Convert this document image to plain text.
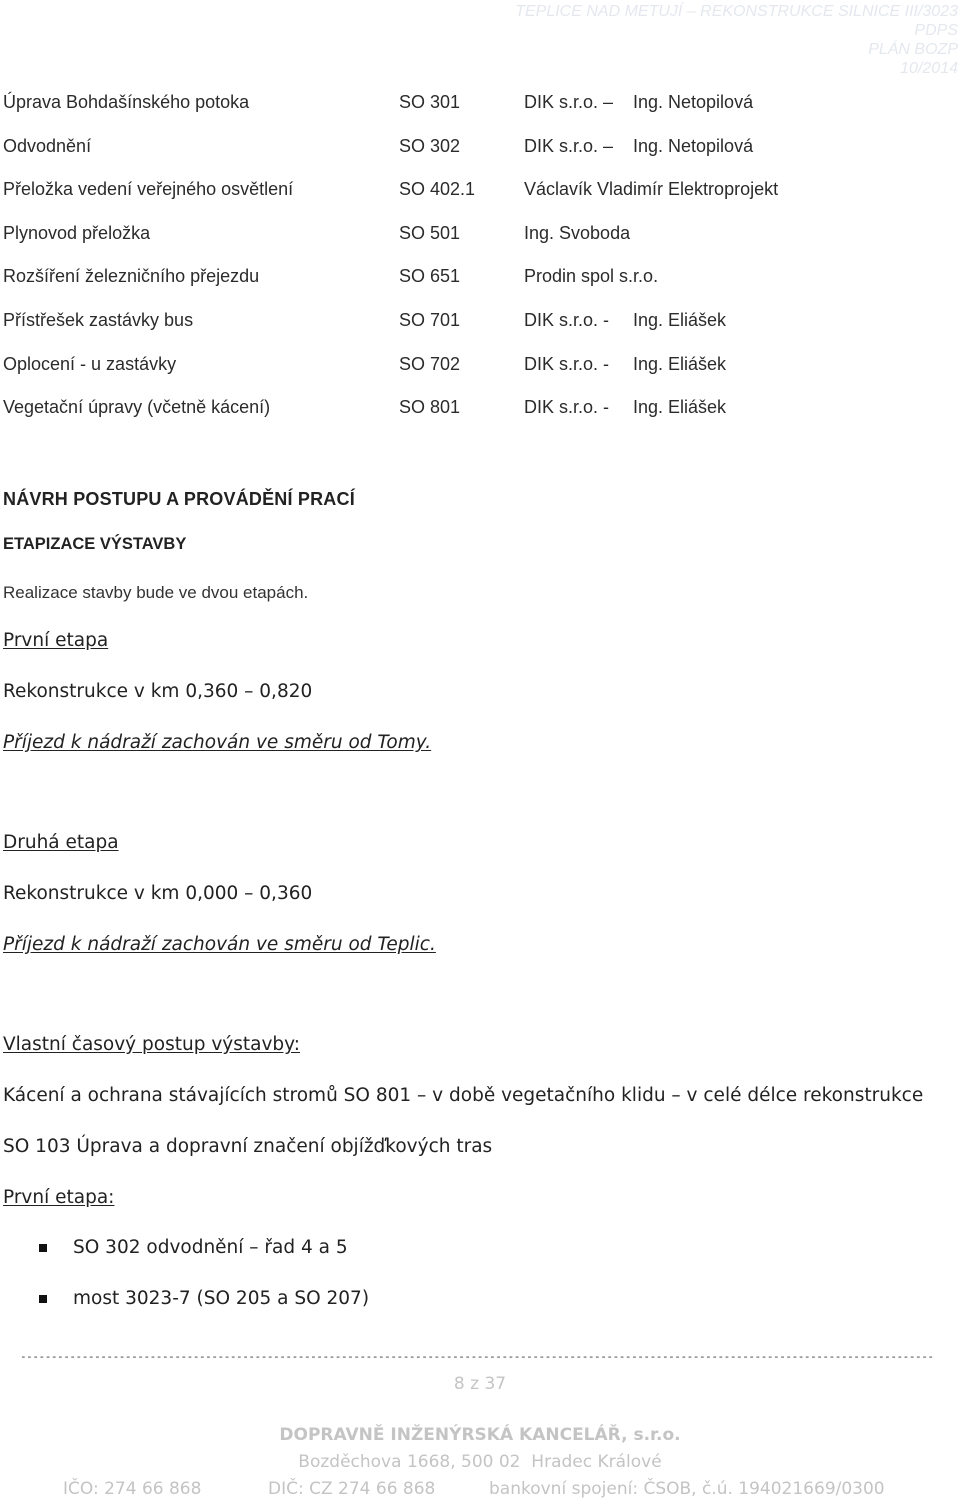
TEPLICE NAD METUJÍ – REKONSTRUKCE SILNICE III/3023
PDPS
PLÁN BOZP
10/2014
Úprava Bohdašínského potoka	SO 301	DIK s.r.o. – Ing. Netopilová
Odvodnění	SO 302	DIK s.r.o. – Ing. Netopilová
Přeložka vedení veřejného osvětlení	SO 402.1	Václavík Vladimír Elektroprojekt
Plynovod přeložka	SO 501	Ing. Svoboda
Rozšíření železničního přejezdu	SO 651	Prodin spol s.r.o.
Přístřešek zastávky bus	SO 701	DIK s.r.o. - Ing. Eliášek
Oplocení - u zastávky	SO 702	DIK s.r.o. - Ing. Eliášek
Vegetační úpravy (včetně kácení)	SO 801	DIK s.r.o. - Ing. Eliášek
NÁVRH POSTUPU A PROVÁDĚNÍ PRACÍ
ETAPIZACE VÝSTAVBY
Realizace stavby bude ve dvou etapách.
První etapa
Rekonstrukce v km 0,360 – 0,820
Příjezd k nádraží zachován ve směru od Tomy.
Druhá etapa
Rekonstrukce v km 0,000 – 0,360
Příjezd k nádraží zachován ve směru od Teplic.
Vlastní časový postup výstavby:
Kácení a ochrana stávajících stromů SO 801 – v době vegetačního klidu – v celé délce rekonstrukce
SO 103 Úprava a dopravní značení objížďkových tras
První etapa:
SO 302 odvodnění – řad 4 a 5
most 3023-7 (SO 205 a SO 207)
----------------------------------------------------------------------------------------------------------------------------------------------------
8 z 37
DOPRAVNĚ INŽENÝRSKÁ KANCELÁŘ, s.r.o.
Bozděchova 1668, 500 02  Hradec Králové
IČO: 274 66 868	DIČ: CZ 274 66 868	bankovní spojení: ČSOB, č.ú. 194021669/0300
